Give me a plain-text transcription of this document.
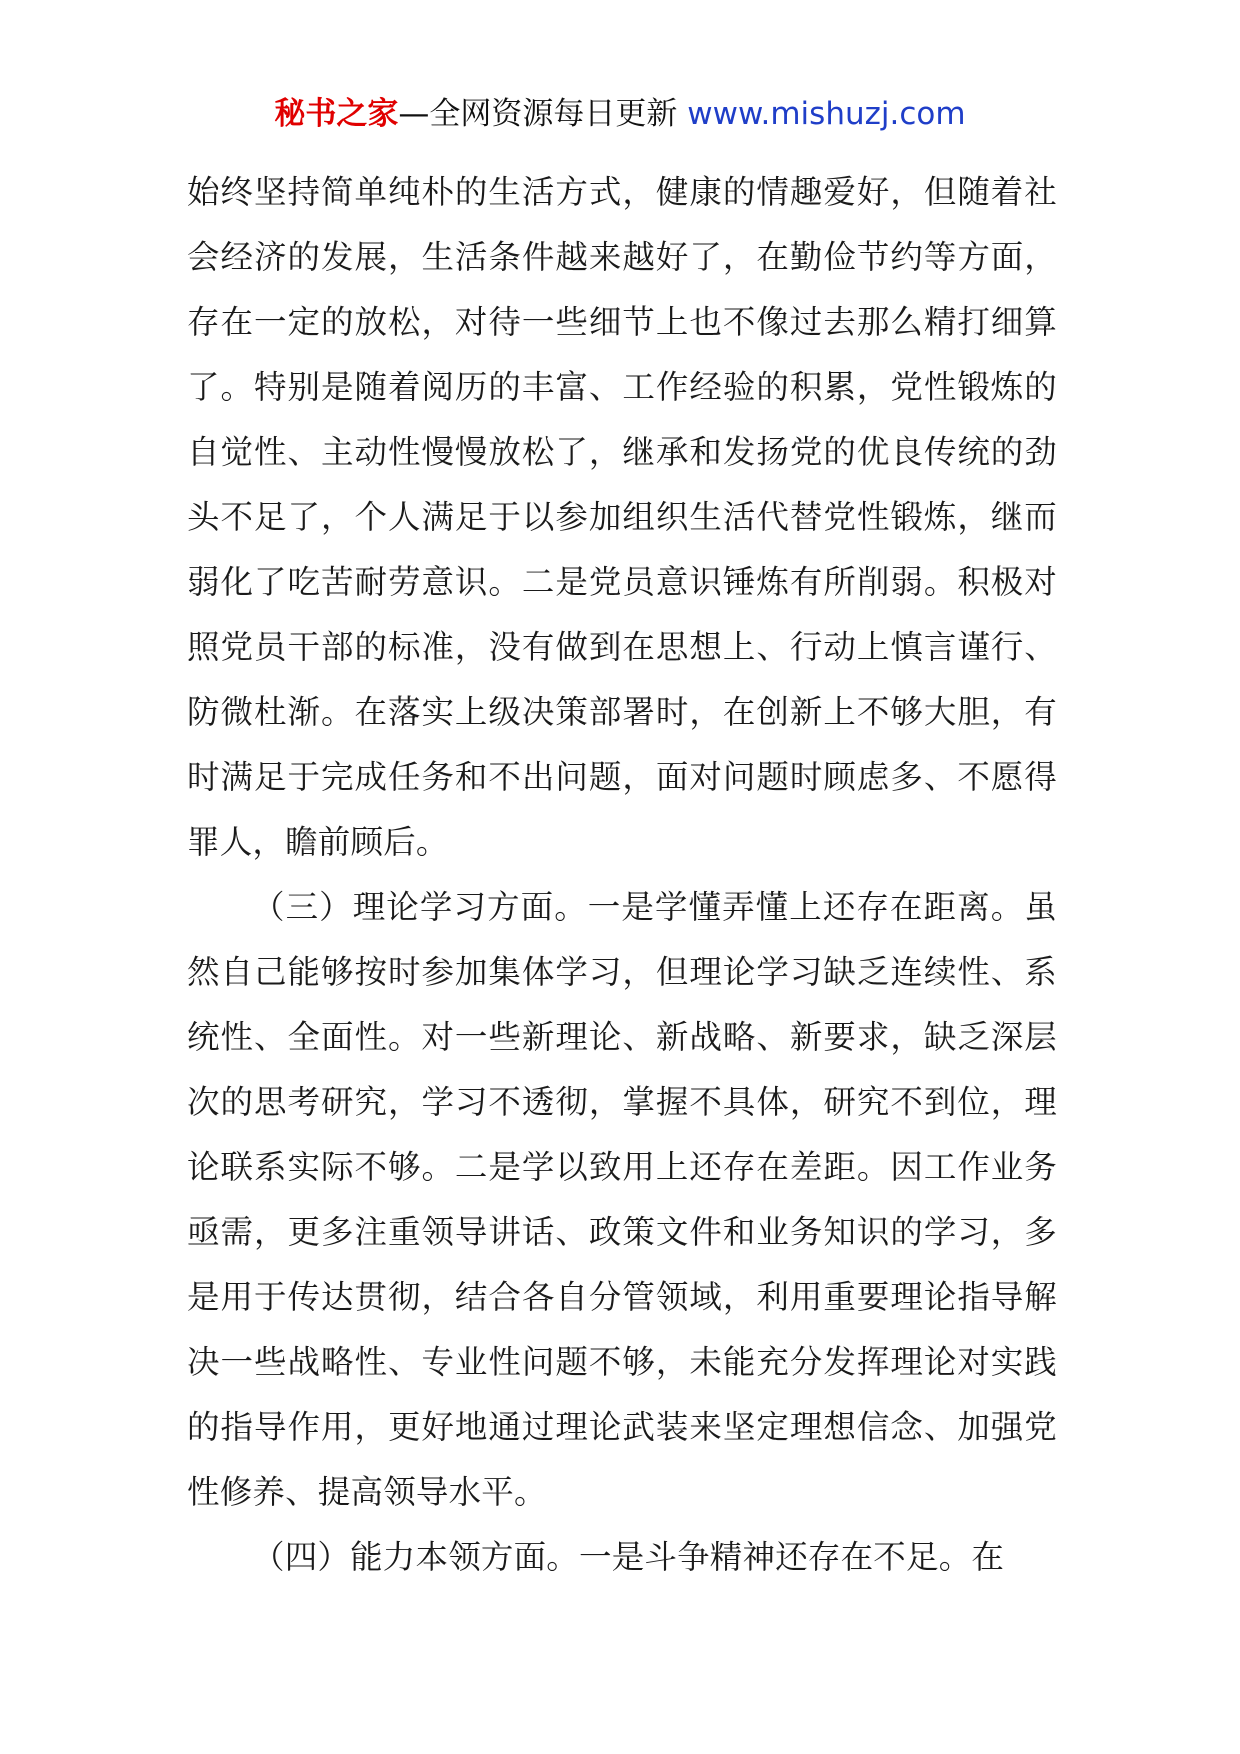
秘书之家—全网资源每日更新 www.mishuzj.com

始终坚持简单纯朴的生活方式，健康的情趣爱好，但随着社会经济的发展，生活条件越来越好了，在勤俭节约等方面，存在一定的放松，对待一些细节上也不像过去那么精打细算了。特别是随着阅历的丰富、工作经验的积累，党性锻炼的自觉性、主动性慢慢放松了，继承和发扬党的优良传统的劲头不足了，个人满足于以参加组织生活代替党性锻炼，继而弱化了吃苦耐劳意识。二是党员意识锤炼有所削弱。积极对照党员干部的标准，没有做到在思想上、行动上慎言谨行、防微杜渐。在落实上级决策部署时，在创新上不够大胆，有时满足于完成任务和不出问题，面对问题时顾虑多、不愿得罪人，瞻前顾后。

（三）理论学习方面。一是学懂弄懂上还存在距离。虽然自己能够按时参加集体学习，但理论学习缺乏连续性、系统性、全面性。对一些新理论、新战略、新要求，缺乏深层次的思考研究，学习不透彻，掌握不具体，研究不到位，理论联系实际不够。二是学以致用上还存在差距。因工作业务亟需，更多注重领导讲话、政策文件和业务知识的学习，多是用于传达贯彻，结合各自分管领域，利用重要理论指导解决一些战略性、专业性问题不够，未能充分发挥理论对实践的指导作用，更好地通过理论武装来坚定理想信念、加强党性修养、提高领导水平。

（四）能力本领方面。一是斗争精神还存在不足。在
